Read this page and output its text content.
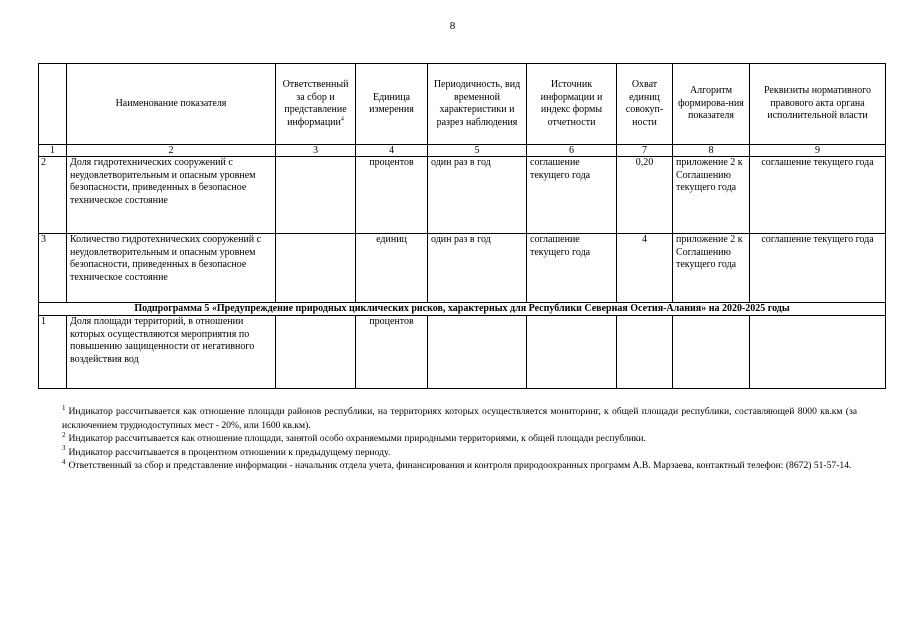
8
	Наименование показателя	Ответственный за сбор и представление информации$^4$	Единица измерения	Периодичность, вид временной характеристики и разрез наблюдения	Источник информации и индекс формы отчетности	Охват единиц совокуп-ности	Алгоритм формирова-ния показателя	Реквизиты нормативного правового акта органа исполнительной власти
1	2	3	4	5	6	7	8	9
2	Доля гидротехнических сооружений с неудовлетворительным и опасным уровнем безопасности, приведенных в безопасное техническое состояние		процентов	один раз в год	соглашение текущего года	0,20	приложение 2 к Соглашению текущего года	соглашение текущего года
3	Количество гидротехнических сооружений с неудовлетворительным и опасным уровнем безопасности, приведенных в безопасное техническое состояние		единиц	один раз в год	соглашение текущего года	4	приложение 2 к Соглашению текущего года	соглашение текущего года
Подпрограмма 5 «Предупреждение природных циклических рисков, характерных для Республики Северная Осетия-Алания» на 2020-2025 годы								
1	Доля площади территорий, в отношении которых осуществляются мероприятия по повышению защищенности от негативного воздействия вод		процентов					

$^1$ Индикатор рассчитывается как отношение площади районов республики, на территориях которых осуществляется мониторинг, к общей площади республики, составляющей 8000 кв.км (за исключением труднодоступных мест - 20%, или 1600 кв.км).

$^2$ Индикатор рассчитывается как отношение площади, занятой особо охраняемыми природными территориями, к общей площади республики.

$^3$ Индикатор рассчитывается в процентном отношении к предыдущему периоду.

$^4$ Ответственный за сбор и представление информации - начальник отдела учета, финансирования и контроля природоохранных программ А.В. Марзаева, контактный телефон: (8672) 51-57-14.
